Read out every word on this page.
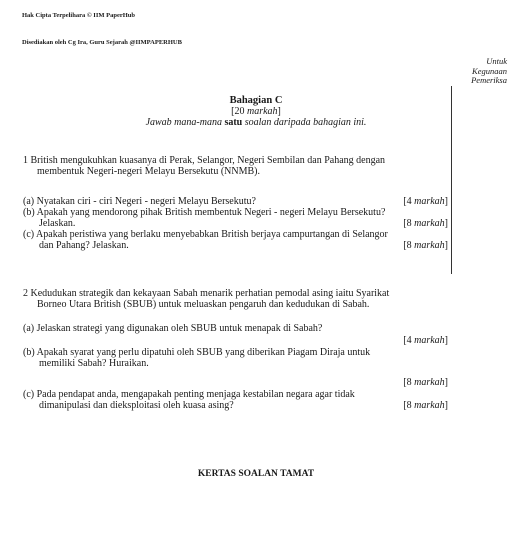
Hak Cipta Terpelihara © IIM PaperHub
Disediakan oleh Cg Ira, Guru Sejarah @IIMPAPERHUB
Untuk
Kegunaan
Pemeriksa
Bahagian C
[20 markah]
Jawab mana-mana satu soalan daripada bahagian ini.
1 British mengukuhkan kuasanya di Perak, Selangor, Negeri Sembilan dan Pahang dengan
membentuk Negeri-negeri Melayu Bersekutu (NNMB).
(a) Nyatakan ciri - ciri Negeri - negeri Melayu Bersekutu?	[4 markah]
(b) Apakah yang mendorong pihak British membentuk Negeri - negeri Melayu Bersekutu?
Jelaskan.	[8 markah]
(c) Apakah peristiwa yang berlaku menyebabkan British berjaya campurtangan di Selangor
dan Pahang? Jelaskan.	[8 markah]
2 Kedudukan strategik dan kekayaan Sabah menarik perhatian pemodal asing iaitu Syarikat
Borneo Utara British (SBUB) untuk meluaskan pengaruh dan kedudukan di Sabah.
(a) Jelaskan strategi yang digunakan oleh SBUB untuk menapak di Sabah?
[4 markah]
(b) Apakah syarat yang perlu dipatuhi oleh SBUB yang diberikan Piagam Diraja untuk
memiliki Sabah? Huraikan.
[8 markah]
(c) Pada pendapat anda, mengapakah penting menjaga kestabilan negara agar tidak
dimanipulasi dan dieksploitasi oleh kuasa asing?	[8 markah]
KERTAS SOALAN TAMAT
